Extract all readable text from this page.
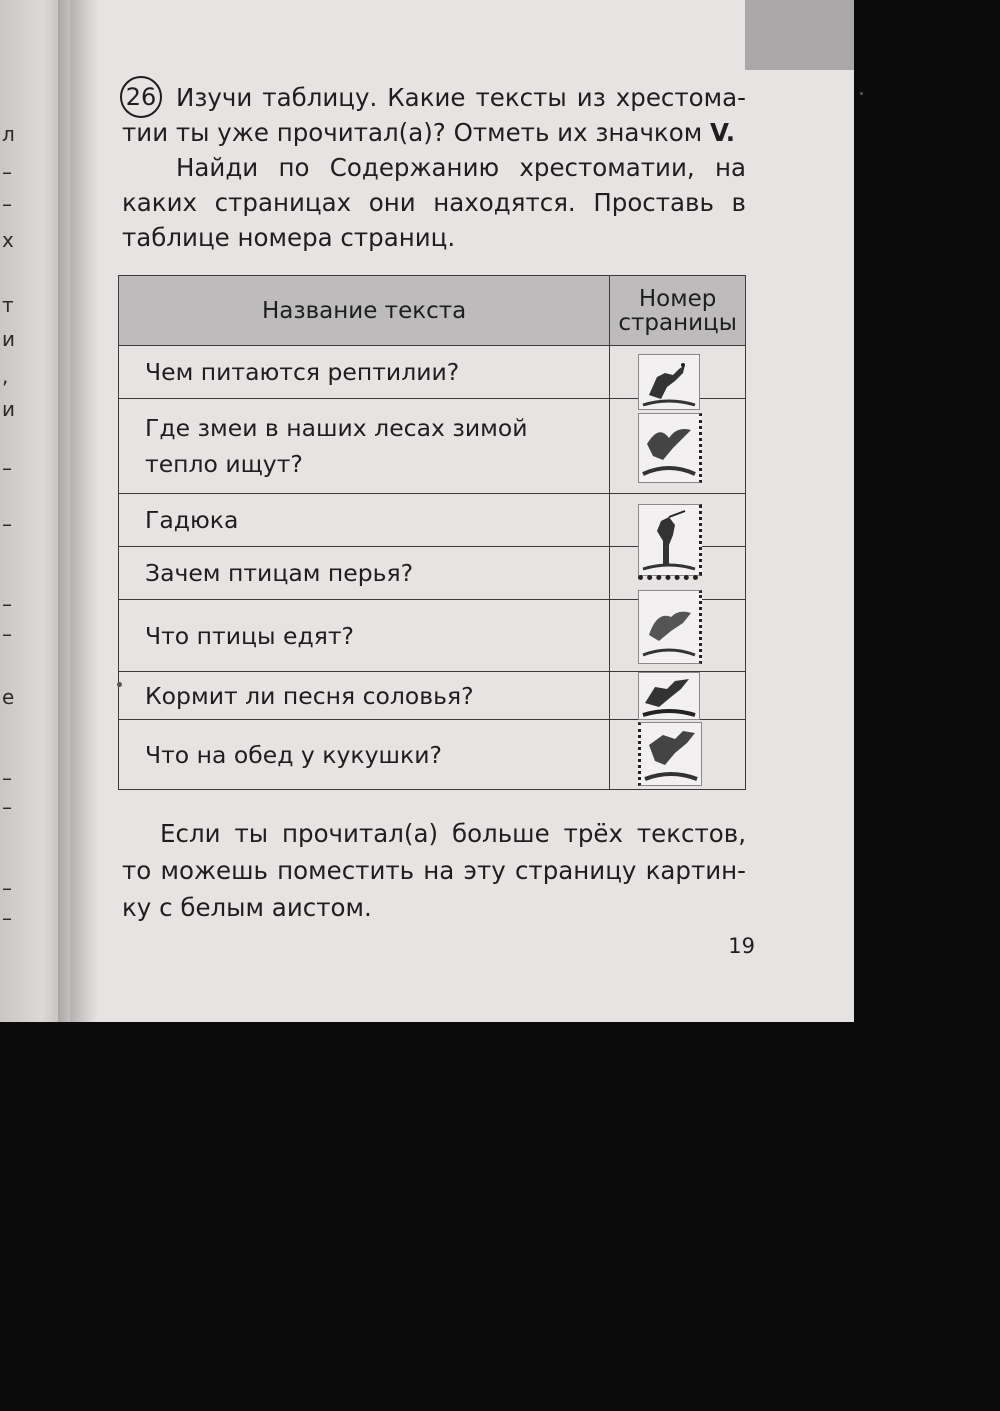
л
–
–
х
т
и
,
и
–
–
–
–
е
–
–
–
–
26 Изучи таблицу. Какие тексты из хрестома-

тии ты уже прочитал(а)? Отметь их значком V.

Найди по Содержанию хрестоматии, на

каких страницах они находятся. Проставь в

таблице номера страниц.

Название текста	Номер страницы
Чем питаются рептилии?	

Где змеи в наших лесах зимой тепло ищут?	

Гадюка	

Зачем птицам перья?	

Что птицы едят?	

Кормит ли песня соловья?	

Что на обед у кукушки?	

Если ты прочитал(а) больше трёх текстов,

то можешь поместить на эту страницу картин-

ку с белым аистом.

19
